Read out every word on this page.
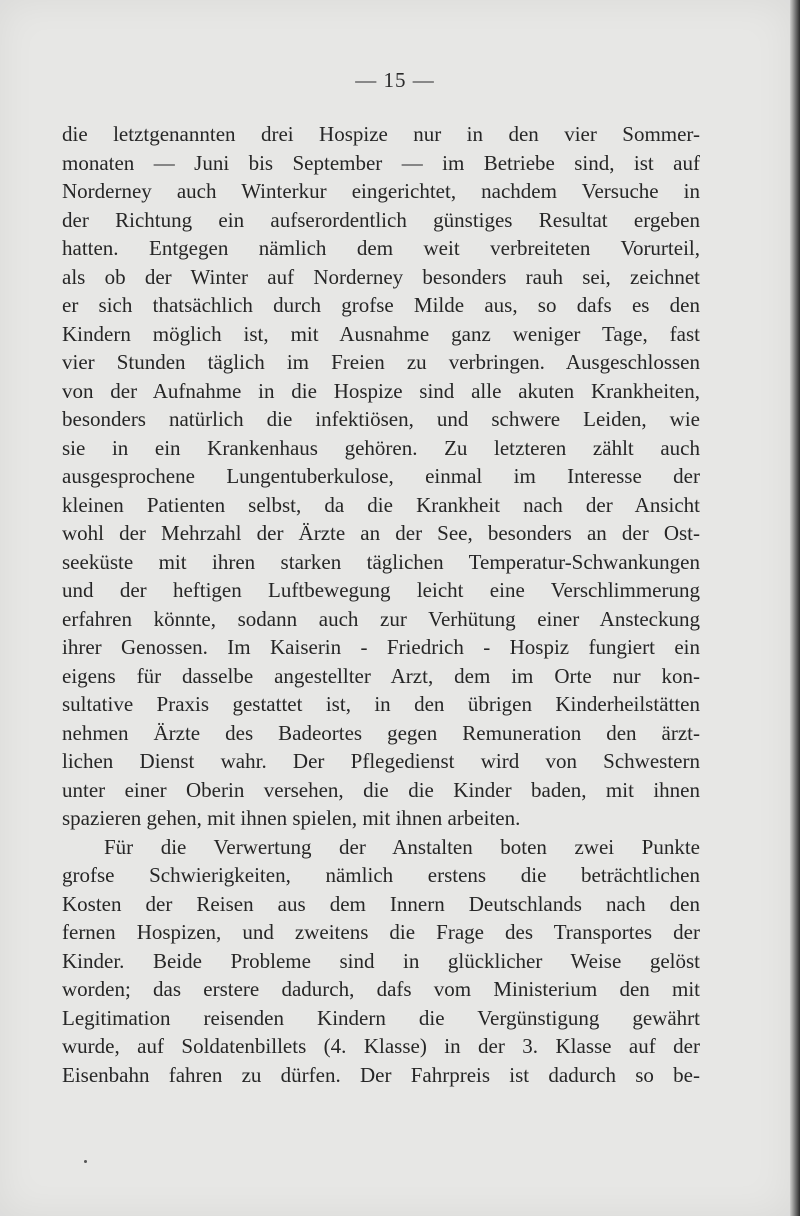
— 15 —
die letztgenannten drei Hospize nur in den vier Sommer-
monaten — Juni bis September — im Betriebe sind, ist auf
Norderney auch Winterkur eingerichtet, nachdem Versuche in
der Richtung ein aufserordentlich günstiges Resultat ergeben
hatten. Entgegen nämlich dem weit verbreiteten Vorurteil,
als ob der Winter auf Norderney besonders rauh sei, zeichnet
er sich thatsächlich durch grofse Milde aus, so dafs es den
Kindern möglich ist, mit Ausnahme ganz weniger Tage, fast
vier Stunden täglich im Freien zu verbringen. Ausgeschlossen
von der Aufnahme in die Hospize sind alle akuten Krankheiten,
besonders natürlich die infektiösen, und schwere Leiden, wie
sie in ein Krankenhaus gehören. Zu letzteren zählt auch
ausgesprochene Lungentuberkulose, einmal im Interesse der
kleinen Patienten selbst, da die Krankheit nach der Ansicht
wohl der Mehrzahl der Ärzte an der See, besonders an der Ost-
seeküste mit ihren starken täglichen Temperatur-Schwankungen
und der heftigen Luftbewegung leicht eine Verschlimmerung
erfahren könnte, sodann auch zur Verhütung einer Ansteckung
ihrer Genossen. Im Kaiserin - Friedrich - Hospiz fungiert ein
eigens für dasselbe angestellter Arzt, dem im Orte nur kon-
sultative Praxis gestattet ist, in den übrigen Kinderheilstätten
nehmen Ärzte des Badeortes gegen Remuneration den ärzt-
lichen Dienst wahr. Der Pflegedienst wird von Schwestern
unter einer Oberin versehen, die die Kinder baden, mit ihnen
spazieren gehen, mit ihnen spielen, mit ihnen arbeiten.
Für die Verwertung der Anstalten boten zwei Punkte
grofse Schwierigkeiten, nämlich erstens die beträchtlichen
Kosten der Reisen aus dem Innern Deutschlands nach den
fernen Hospizen, und zweitens die Frage des Transportes der
Kinder. Beide Probleme sind in glücklicher Weise gelöst
worden; das erstere dadurch, dafs vom Ministerium den mit
Legitimation reisenden Kindern die Vergünstigung gewährt
wurde, auf Soldatenbillets (4. Klasse) in der 3. Klasse auf der
Eisenbahn fahren zu dürfen. Der Fahrpreis ist dadurch so be-
